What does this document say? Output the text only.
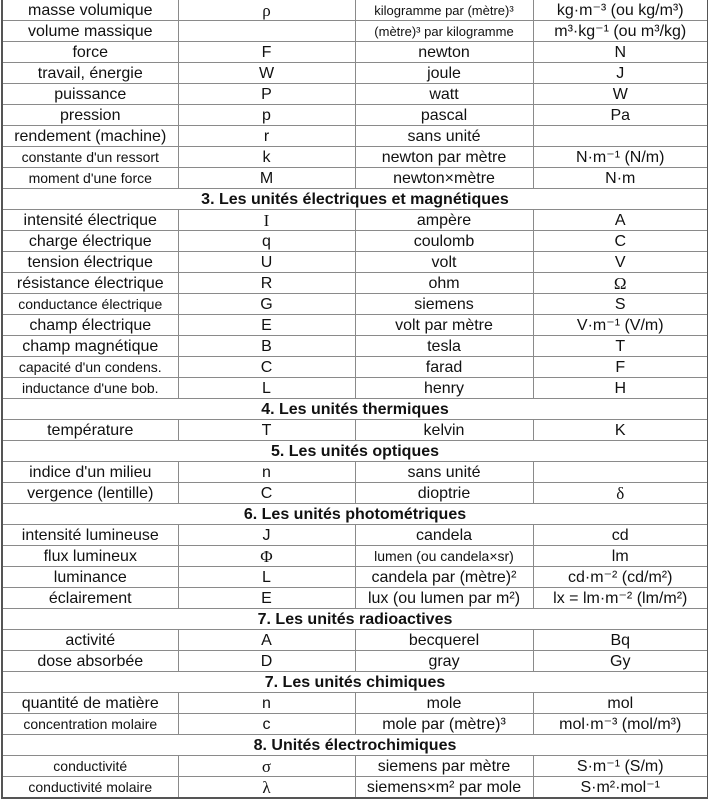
masse volumique	ρ	kilogramme par (mètre)³	kg·m⁻³ (ou kg/m³)
volume massique		(mètre)³ par kilogramme	m³·kg⁻¹ (ou m³/kg)
force	F	newton	N
travail, énergie	W	joule	J
puissance	P	watt	W
pression	p	pascal	Pa
rendement (machine)	r	sans unité	
constante d'un ressort	k	newton par mètre	N·m⁻¹ (N/m)
moment d'une force	M	newton×mètre	N·m
3. Les unités électriques et magnétiques			
intensité électrique	I	ampère	A
charge électrique	q	coulomb	C
tension électrique	U	volt	V
résistance électrique	R	ohm	Ω
conductance électrique	G	siemens	S
champ électrique	E	volt par mètre	V·m⁻¹ (V/m)
champ magnétique	B	tesla	T
capacité d'un condens.	C	farad	F
inductance d'une bob.	L	henry	H
4. Les unités thermiques			
température	T	kelvin	K
5. Les unités optiques			
indice d'un milieu	n	sans unité	
vergence (lentille)	C	dioptrie	δ
6. Les unités photométriques			
intensité lumineuse	J	candela	cd
flux lumineux	Φ	lumen (ou candela×sr)	lm
luminance	L	candela par (mètre)²	cd·m⁻² (cd/m²)
éclairement	E	lux (ou lumen par m²)	lx = lm·m⁻² (lm/m²)
7. Les unités radioactives			
activité	A	becquerel	Bq
dose absorbée	D	gray	Gy
7. Les unités chimiques			
quantité de matière	n	mole	mol
concentration molaire	c	mole par (mètre)³	mol·m⁻³ (mol/m³)
8. Unités électrochimiques			
conductivité	σ	siemens par mètre	S·m⁻¹ (S/m)
conductivité molaire	λ	siemens×m² par mole	S·m²·mol⁻¹
